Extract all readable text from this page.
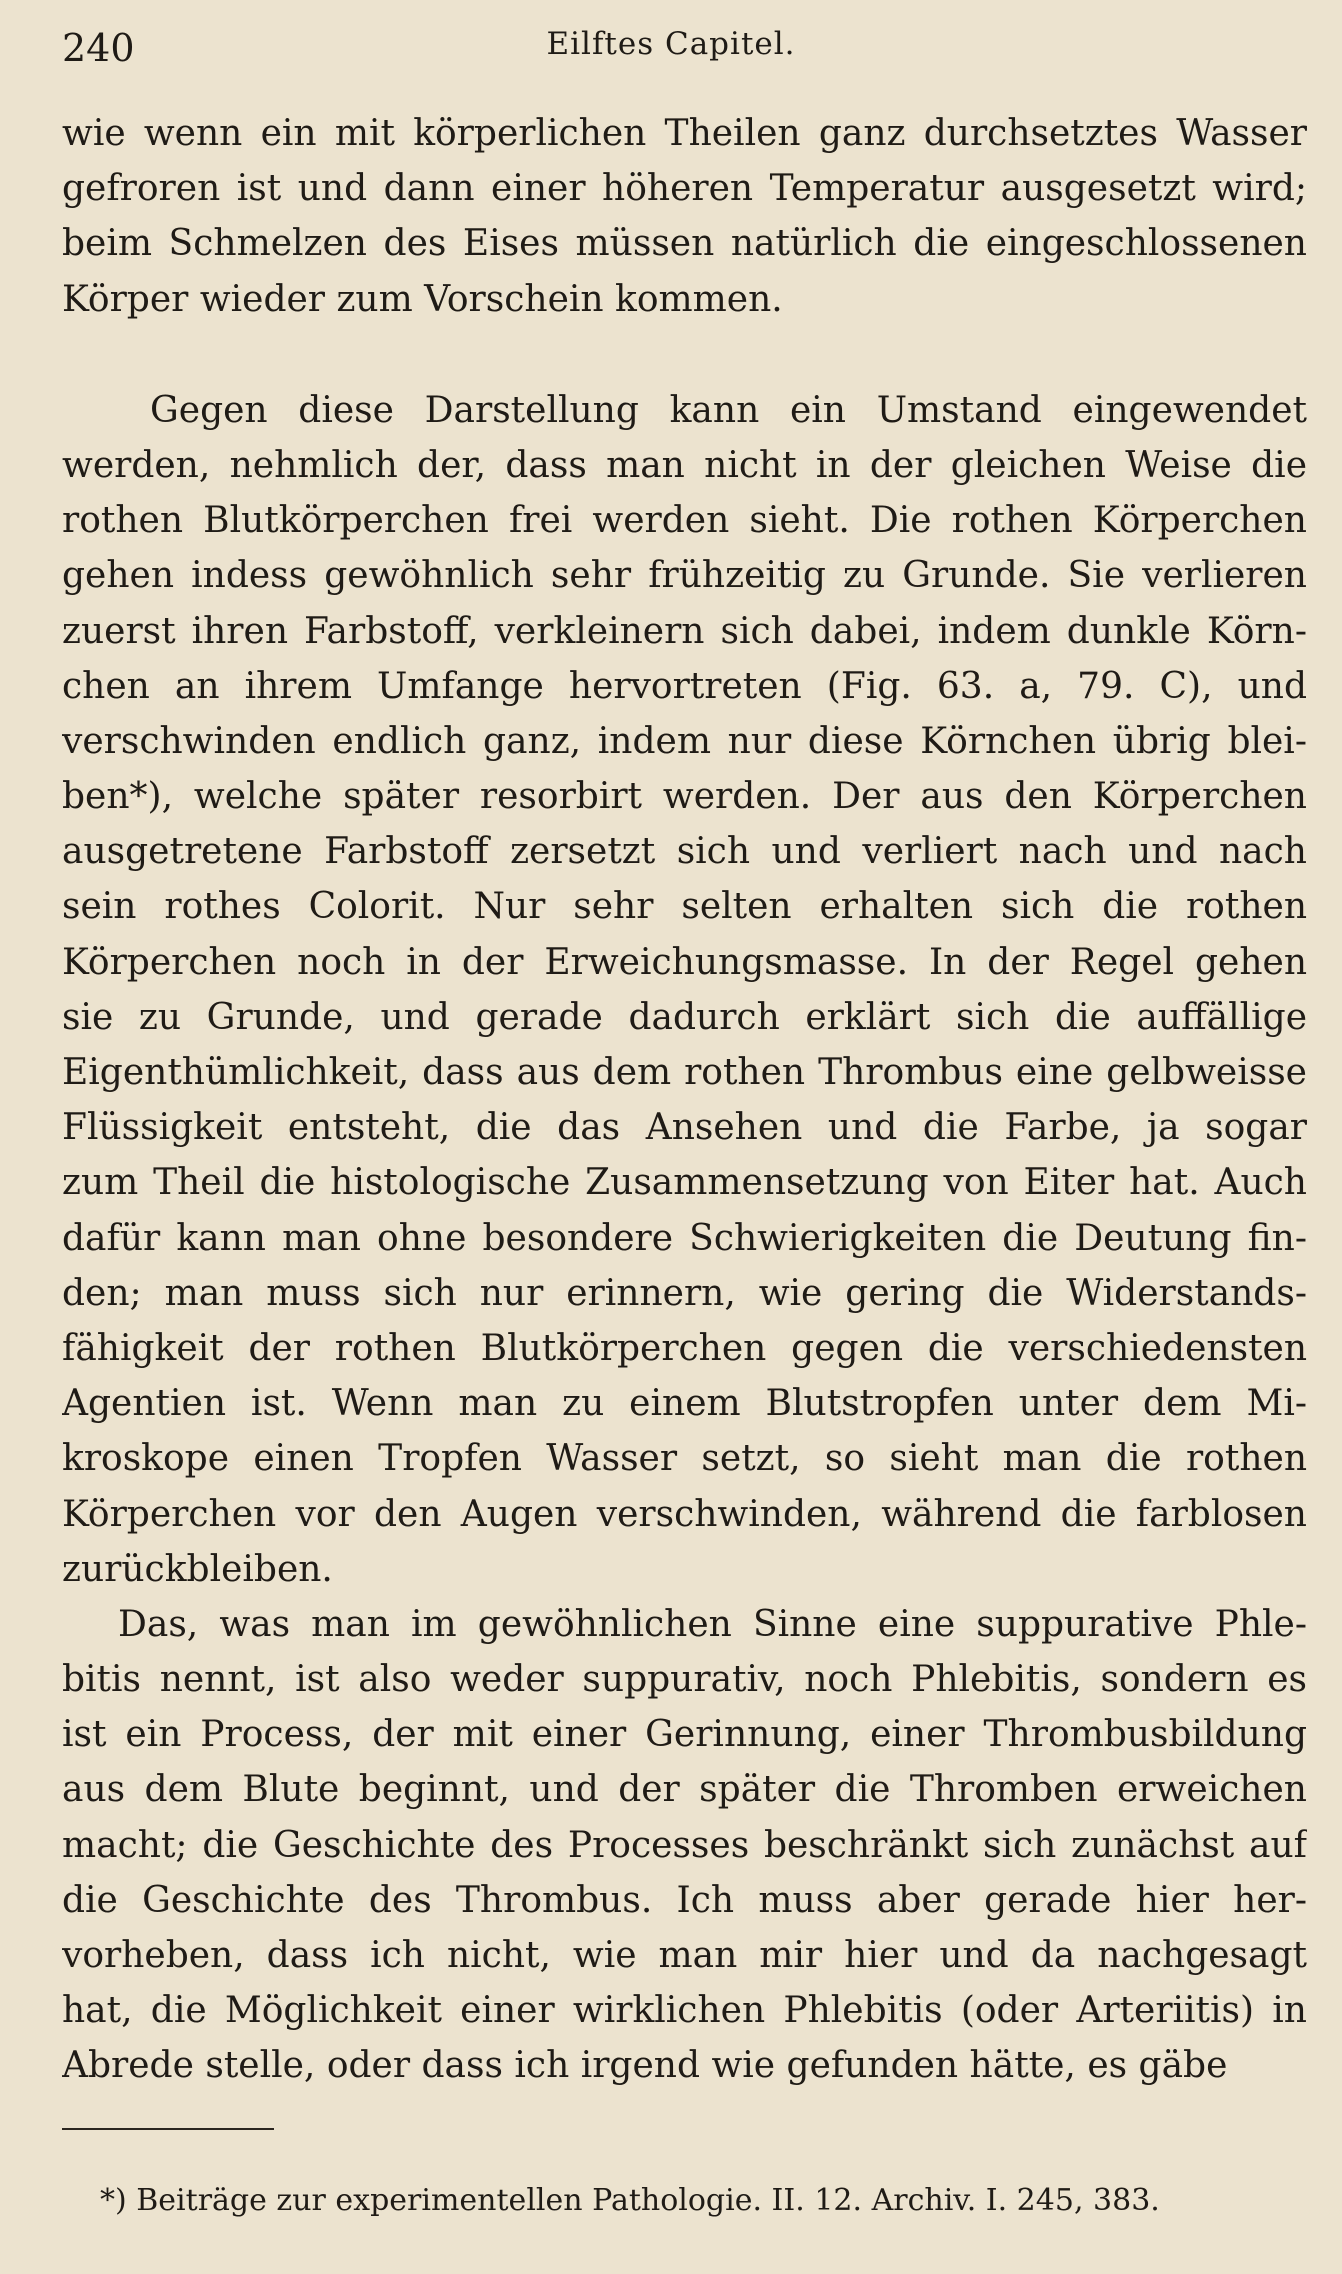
240	Eilftes Capitel.
wie wenn ein mit körperlichen Theilen ganz durchsetztes Wasser
gefroren ist und dann einer höheren Temperatur ausgesetzt wird;
beim Schmelzen des Eises müssen natürlich die eingeschlossenen
Körper wieder zum Vorschein kommen.
Gegen diese Darstellung kann ein Umstand eingewendet
werden, nehmlich der, dass man nicht in der gleichen Weise die
rothen Blutkörperchen frei werden sieht. Die rothen Körperchen
gehen indess gewöhnlich sehr frühzeitig zu Grunde. Sie verlieren
zuerst ihren Farbstoff, verkleinern sich dabei, indem dunkle Körn-
chen an ihrem Umfange hervortreten (Fig. 63. a, 79. C), und
verschwinden endlich ganz, indem nur diese Körnchen übrig blei-
ben*), welche später resorbirt werden. Der aus den Körperchen
ausgetretene Farbstoff zersetzt sich und verliert nach und nach
sein rothes Colorit. Nur sehr selten erhalten sich die rothen
Körperchen noch in der Erweichungsmasse. In der Regel gehen
sie zu Grunde, und gerade dadurch erklärt sich die auffällige
Eigenthümlichkeit, dass aus dem rothen Thrombus eine gelbweisse
Flüssigkeit entsteht, die das Ansehen und die Farbe, ja sogar
zum Theil die histologische Zusammensetzung von Eiter hat. Auch
dafür kann man ohne besondere Schwierigkeiten die Deutung fin-
den; man muss sich nur erinnern, wie gering die Widerstands-
fähigkeit der rothen Blutkörperchen gegen die verschiedensten
Agentien ist. Wenn man zu einem Blutstropfen unter dem Mi-
kroskope einen Tropfen Wasser setzt, so sieht man die rothen
Körperchen vor den Augen verschwinden, während die farblosen
zurückbleiben.
Das, was man im gewöhnlichen Sinne eine suppurative Phle-
bitis nennt, ist also weder suppurativ, noch Phlebitis, sondern es
ist ein Process, der mit einer Gerinnung, einer Thrombusbildung
aus dem Blute beginnt, und der später die Thromben erweichen
macht; die Geschichte des Processes beschränkt sich zunächst auf
die Geschichte des Thrombus. Ich muss aber gerade hier her-
vorheben, dass ich nicht, wie man mir hier und da nachgesagt
hat, die Möglichkeit einer wirklichen Phlebitis (oder Arteriitis) in
Abrede stelle, oder dass ich irgend wie gefunden hätte, es gäbe
*) Beiträge zur experimentellen Pathologie. II. 12. Archiv. I. 245, 383.
